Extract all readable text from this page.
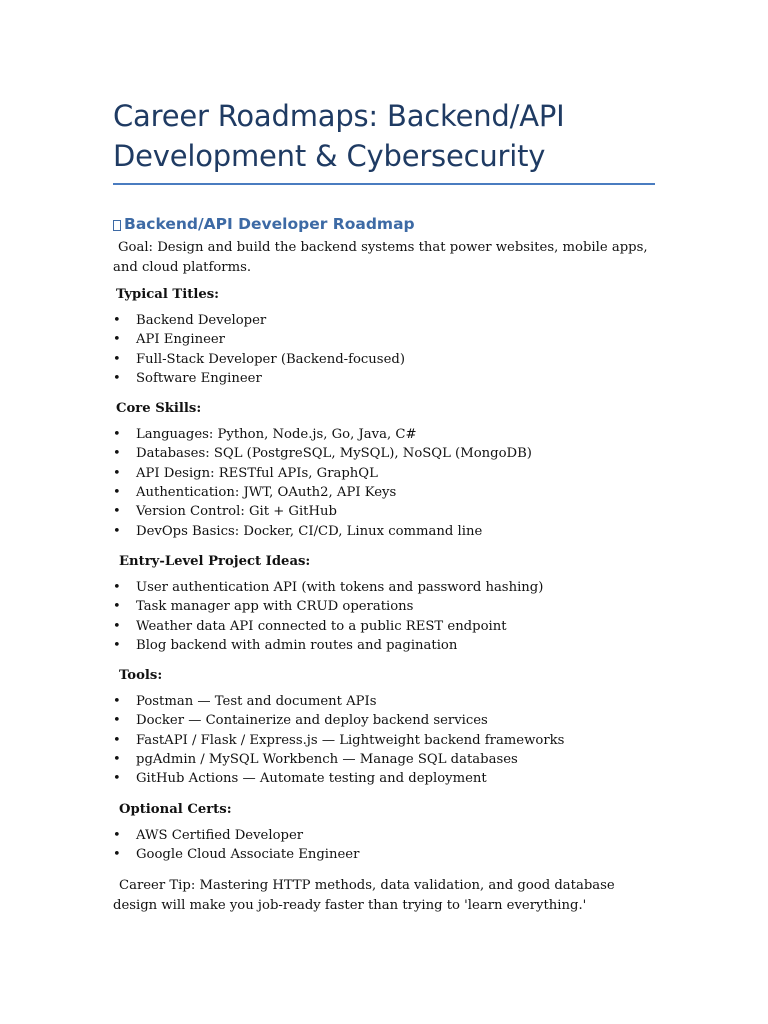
Career Roadmaps: Backend/API Development & Cybersecurity
Backend/API Developer Roadmap

Goal: Design and build the backend systems that power websites, mobile apps, and cloud platforms.

Typical Titles:
• Backend Developer
• API Engineer
• Full-Stack Developer (Backend-focused)
• Software Engineer
Core Skills:
• Languages: Python, Node.js, Go, Java, C#
• Databases: SQL (PostgreSQL, MySQL), NoSQL (MongoDB)
• API Design: RESTful APIs, GraphQL
• Authentication: JWT, OAuth2, API Keys
• Version Control: Git + GitHub
• DevOps Basics: Docker, CI/CD, Linux command line
Entry-Level Project Ideas:
• User authentication API (with tokens and password hashing)
• Task manager app with CRUD operations
• Weather data API connected to a public REST endpoint
• Blog backend with admin routes and pagination
Tools:
• Postman — Test and document APIs
• Docker — Containerize and deploy backend services
• FastAPI / Flask / Express.js — Lightweight backend frameworks
• pgAdmin / MySQL Workbench — Manage SQL databases
• GitHub Actions — Automate testing and deployment
Optional Certs:
• AWS Certified Developer
• Google Cloud Associate Engineer

Career Tip: Mastering HTTP methods, data validation, and good database design will make you job-ready faster than trying to 'learn everything.'
